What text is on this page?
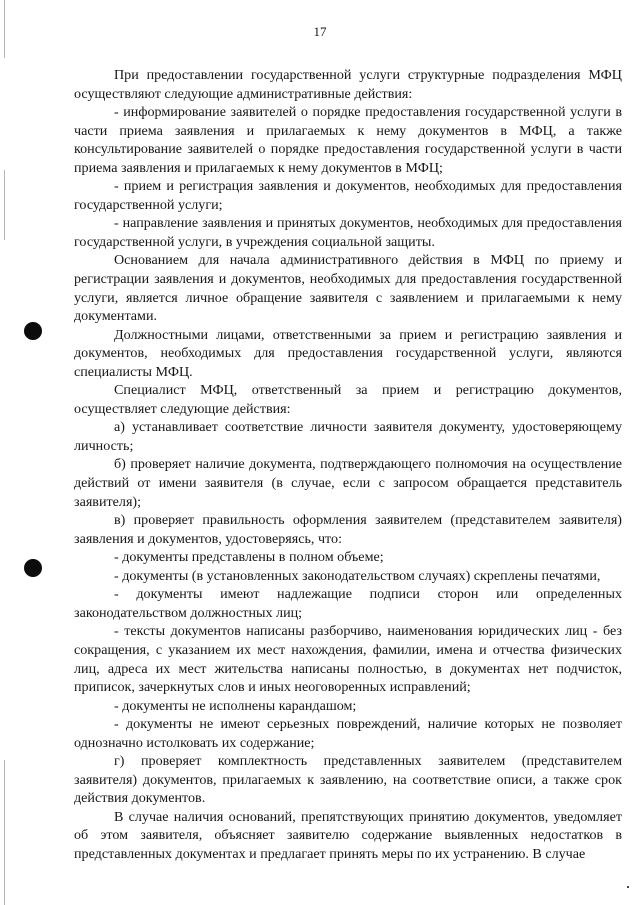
17

При предоставлении государственной услуги структурные подразделения МФЦ осуществляют следующие административные действия:

- информирование заявителей о порядке предоставления государственной услуги в части приема заявления и прилагаемых к нему документов в МФЦ, а также консультирование заявителей о порядке предоставления государственной услуги в части приема заявления и прилагаемых к нему документов в МФЦ;

- прием и регистрация заявления и документов, необходимых для предоставления государственной услуги;

- направление заявления и принятых документов, необходимых для предоставления государственной услуги, в учреждения социальной защиты.

Основанием для начала административного действия в МФЦ по приему и регистрации заявления и документов, необходимых для предоставления государственной услуги, является личное обращение заявителя с заявлением и прилагаемыми к нему документами.

Должностными лицами, ответственными за прием и регистрацию заявления и документов, необходимых для предоставления государственной услуги, являются специалисты МФЦ.

Специалист МФЦ, ответственный за прием и регистрацию документов, осуществляет следующие действия:

а) устанавливает соответствие личности заявителя документу, удостоверяющему личность;

б) проверяет наличие документа, подтверждающего полномочия на осуществление действий от имени заявителя (в случае, если с запросом обращается представитель заявителя);

в) проверяет правильность оформления заявителем (представителем заявителя) заявления и документов, удостоверяясь, что:

- документы представлены в полном объеме;

- документы (в установленных законодательством случаях) скреплены печатями,

- документы имеют надлежащие подписи сторон или определенных законодательством должностных лиц;

- тексты документов написаны разборчиво, наименования юридических лиц - без сокращения, с указанием их мест нахождения, фамилии, имена и отчества физических лиц, адреса их мест жительства написаны полностью, в документах нет подчисток, приписок, зачеркнутых слов и иных неоговоренных исправлений;

- документы не исполнены карандашом;

- документы не имеют серьезных повреждений, наличие которых не позволяет однозначно истолковать их содержание;

г) проверяет комплектность представленных заявителем (представителем заявителя) документов, прилагаемых к заявлению, на соответствие описи, а также срок действия документов.

В случае наличия оснований, препятствующих принятию документов, уведомляет об этом заявителя, объясняет заявителю содержание выявленных недостатков в представленных документах и предлагает принять меры по их устранению. В случае
